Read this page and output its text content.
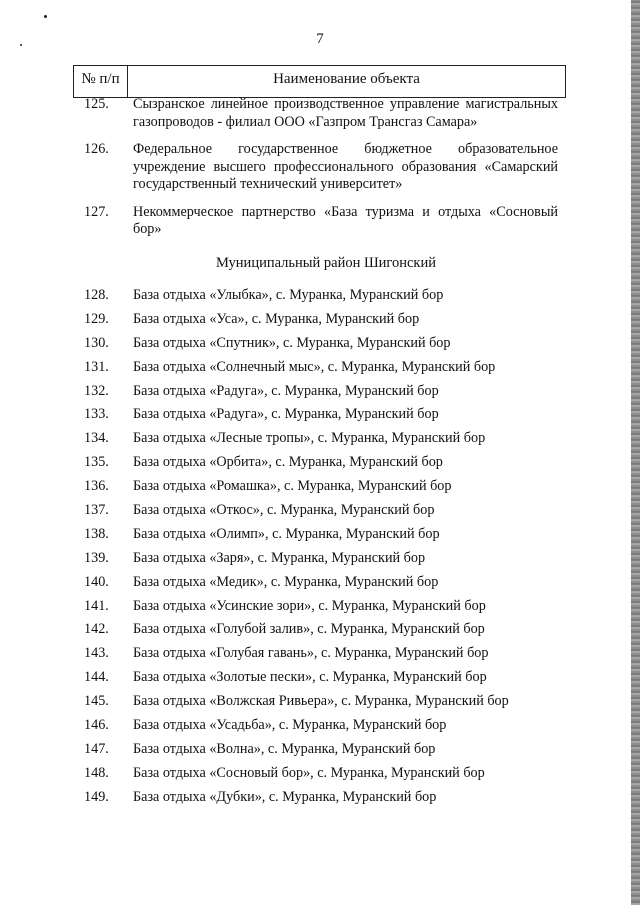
7
№ п/п	Наименование объекта
125. Сызранское линейное производственное управление магистральных газопроводов - филиал ООО «Газпром Трансгаз Самара»
126. Федеральное государственное бюджетное образовательное учреждение высшего профессионального образования «Самарский государственный технический университет»
127. Некоммерческое партнерство «База туризма и отдыха «Сосновый бор»
Муниципальный район Шигонский
128. База отдыха «Улыбка», с. Муранка, Муранский бор
129. База отдыха «Уса», с. Муранка, Муранский бор
130. База отдыха «Спутник», с. Муранка, Муранский бор
131. База отдыха «Солнечный мыс», с. Муранка, Муранский бор
132. База отдыха «Радуга», с. Муранка, Муранский бор
133. База отдыха «Радуга», с. Муранка, Муранский бор
134. База отдыха «Лесные тропы», с. Муранка, Муранский бор
135. База отдыха «Орбита», с. Муранка, Муранский бор
136. База отдыха «Ромашка», с. Муранка, Муранский бор
137. База отдыха «Откос», с. Муранка, Муранский бор
138. База отдыха «Олимп», с. Муранка, Муранский бор
139. База отдыха «Заря», с. Муранка, Муранский бор
140. База отдыха «Медик», с. Муранка, Муранский бор
141. База отдыха «Усинские зори», с. Муранка, Муранский бор
142. База отдыха «Голубой залив», с. Муранка, Муранский бор
143. База отдыха «Голубая гавань», с. Муранка, Муранский бор
144. База отдыха «Золотые пески», с. Муранка, Муранский бор
145. База отдыха «Волжская Ривьера», с. Муранка, Муранский бор
146. База отдыха «Усадьба», с. Муранка, Муранский бор
147. База отдыха «Волна», с. Муранка, Муранский бор
148. База отдыха «Сосновый бор», с. Муранка, Муранский бор
149. База отдыха «Дубки», с. Муранка, Муранский бор
